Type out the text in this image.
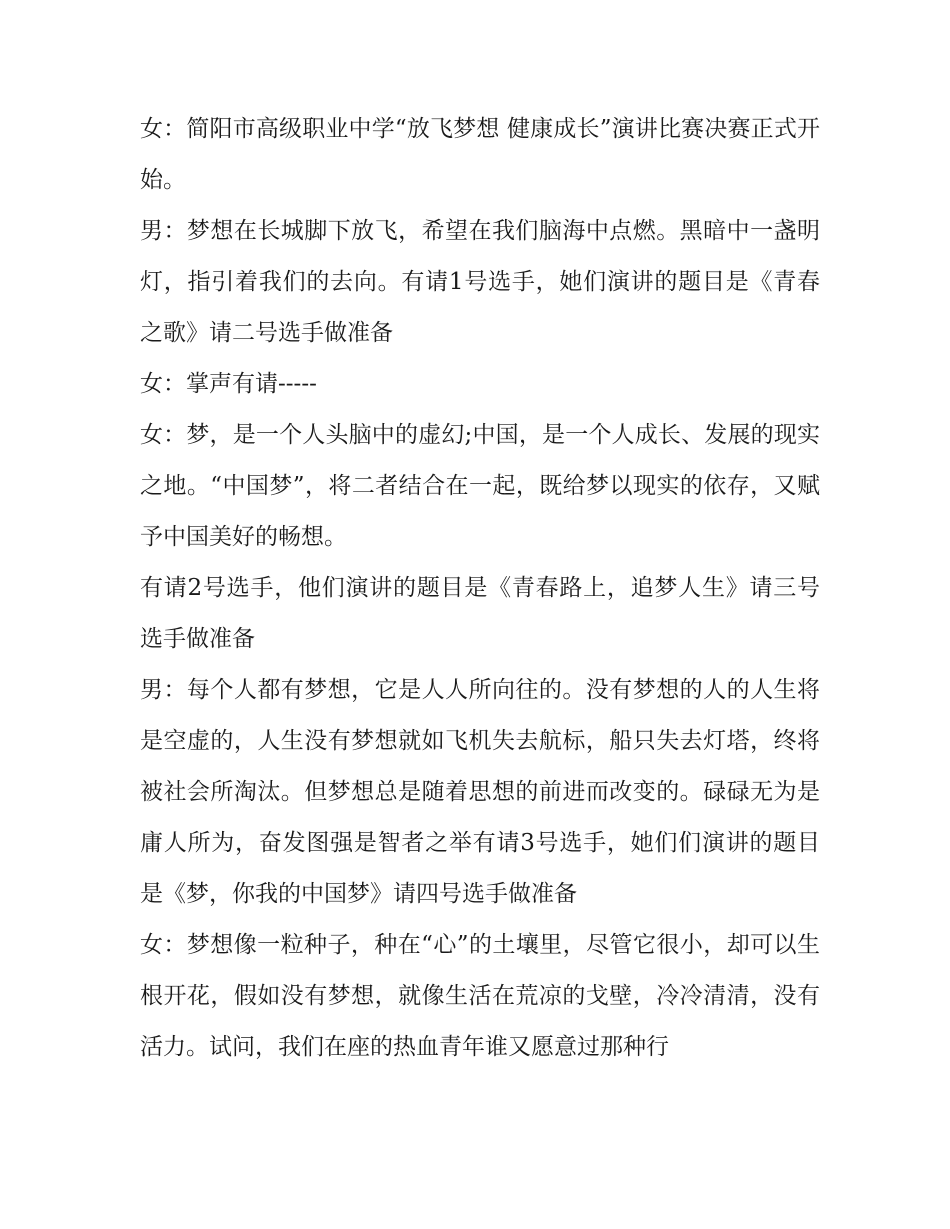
女：简阳市高级职业中学“放飞梦想 健康成长”演讲比赛决赛正式开始。

男：梦想在长城脚下放飞，希望在我们脑海中点燃。黑暗中一盏明灯，指引着我们的去向。有请1号选手，她们演讲的题目是《青春之歌》请二号选手做准备

女：掌声有请-----

女：梦，是一个人头脑中的虚幻;中国，是一个人成长、发展的现实之地。“中国梦”，将二者结合在一起，既给梦以现实的依存，又赋予中国美好的畅想。

有请2号选手，他们演讲的题目是《青春路上，追梦人生》请三号选手做准备

男：每个人都有梦想，它是人人所向往的。没有梦想的人的人生将是空虚的，人生没有梦想就如飞机失去航标，船只失去灯塔，终将被社会所淘汰。但梦想总是随着思想的前进而改变的。碌碌无为是庸人所为，奋发图强是智者之举有请3号选手，她们们演讲的题目是《梦，你我的中国梦》请四号选手做准备

女：梦想像一粒种子，种在“心”的土壤里，尽管它很小，却可以生根开花，假如没有梦想，就像生活在荒凉的戈壁，冷冷清清，没有活力。试问，我们在座的热血青年谁又愿意过那种行
